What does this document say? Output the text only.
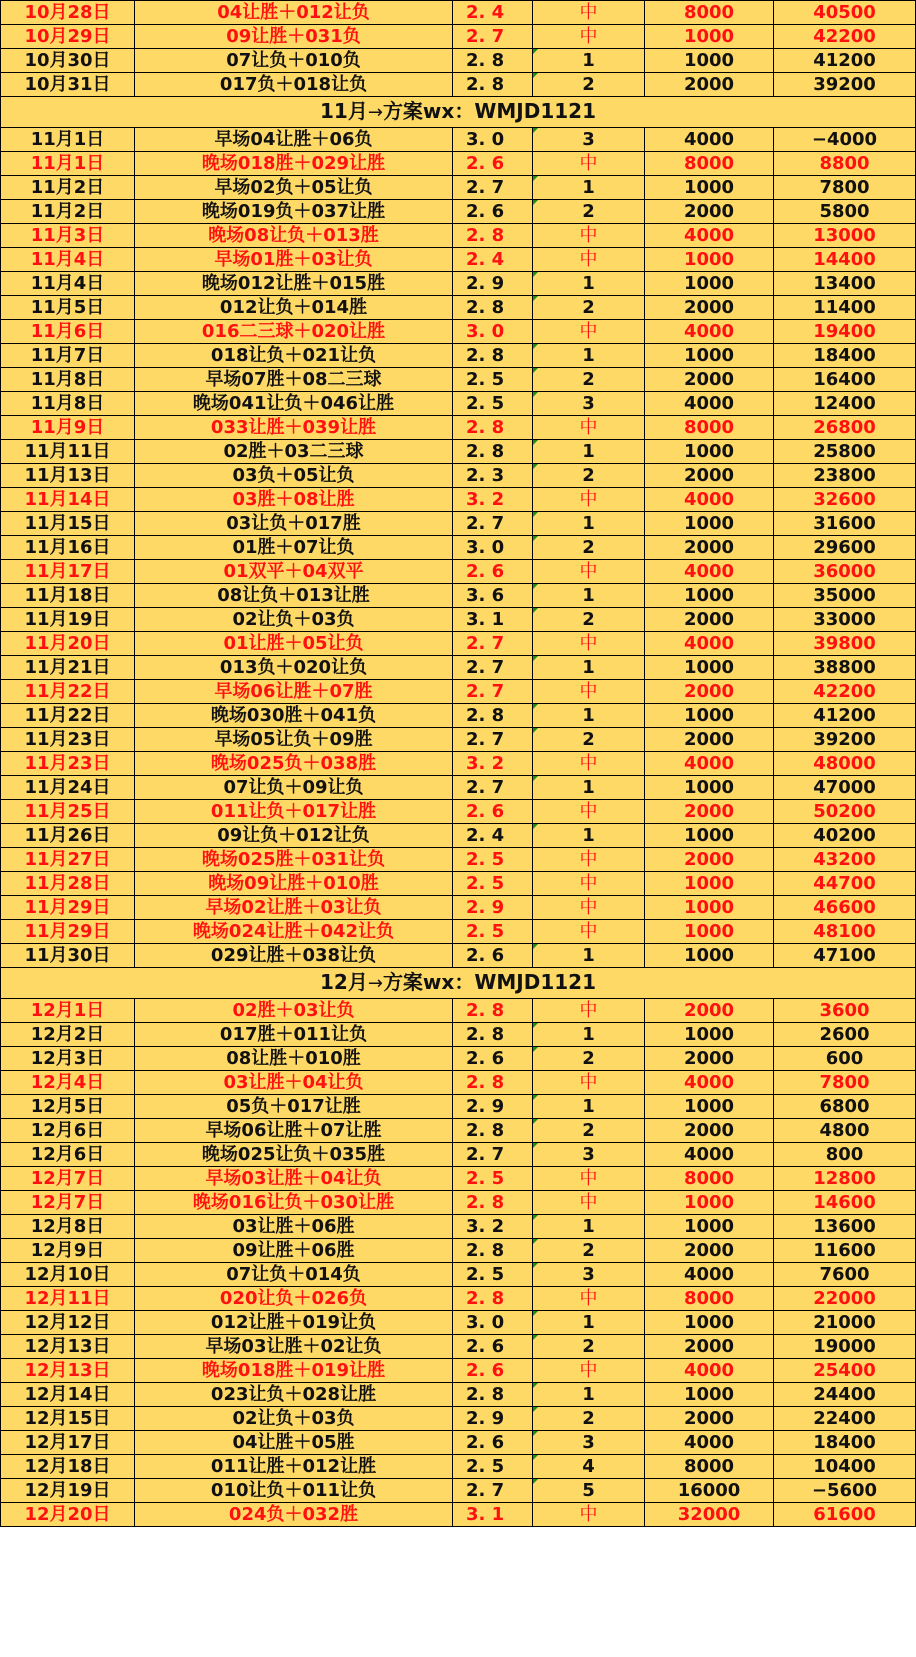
10月28日	04让胜＋012让负	2. 4	中	8000	40500
10月29日	09让胜＋031负	2. 7	中	1000	42200
10月30日	07让负＋010负	2. 8	1	1000	41200
10月31日	017负＋018让负	2. 8	2	2000	39200
11月→方案wx：WMJD1121					
11月1日	早场04让胜＋06负	3. 0	3	4000	−4000
11月1日	晚场018胜＋029让胜	2. 6	中	8000	8800
11月2日	早场02负＋05让负	2. 7	1	1000	7800
11月2日	晚场019负＋037让胜	2. 6	2	2000	5800
11月3日	晚场08让负＋013胜	2. 8	中	4000	13000
11月4日	早场01胜＋03让负	2. 4	中	1000	14400
11月4日	晚场012让胜＋015胜	2. 9	1	1000	13400
11月5日	012让负＋014胜	2. 8	2	2000	11400
11月6日	016二三球＋020让胜	3. 0	中	4000	19400
11月7日	018让负＋021让负	2. 8	1	1000	18400
11月8日	早场07胜＋08二三球	2. 5	2	2000	16400
11月8日	晚场041让负＋046让胜	2. 5	3	4000	12400
11月9日	033让胜＋039让胜	2. 8	中	8000	26800
11月11日	02胜＋03二三球	2. 8	1	1000	25800
11月13日	03负＋05让负	2. 3	2	2000	23800
11月14日	03胜＋08让胜	3. 2	中	4000	32600
11月15日	03让负＋017胜	2. 7	1	1000	31600
11月16日	01胜＋07让负	3. 0	2	2000	29600
11月17日	01双平＋04双平	2. 6	中	4000	36000
11月18日	08让负＋013让胜	3. 6	1	1000	35000
11月19日	02让负＋03负	3. 1	2	2000	33000
11月20日	01让胜＋05让负	2. 7	中	4000	39800
11月21日	013负＋020让负	2. 7	1	1000	38800
11月22日	早场06让胜＋07胜	2. 7	中	2000	42200
11月22日	晚场030胜＋041负	2. 8	1	1000	41200
11月23日	早场05让负＋09胜	2. 7	2	2000	39200
11月23日	晚场025负＋038胜	3. 2	中	4000	48000
11月24日	07让负＋09让负	2. 7	1	1000	47000
11月25日	011让负＋017让胜	2. 6	中	2000	50200
11月26日	09让负＋012让负	2. 4	1	1000	40200
11月27日	晚场025胜＋031让负	2. 5	中	2000	43200
11月28日	晚场09让胜＋010胜	2. 5	中	1000	44700
11月29日	早场02让胜＋03让负	2. 9	中	1000	46600
11月29日	晚场024让胜＋042让负	2. 5	中	1000	48100
11月30日	029让胜＋038让负	2. 6	1	1000	47100
12月→方案wx：WMJD1121					
12月1日	02胜＋03让负	2. 8	中	2000	3600
12月2日	017胜＋011让负	2. 8	1	1000	2600
12月3日	08让胜＋010胜	2. 6	2	2000	600
12月4日	03让胜＋04让负	2. 8	中	4000	7800
12月5日	05负＋017让胜	2. 9	1	1000	6800
12月6日	早场06让胜＋07让胜	2. 8	2	2000	4800
12月6日	晚场025让负＋035胜	2. 7	3	4000	800
12月7日	早场03让胜＋04让负	2. 5	中	8000	12800
12月7日	晚场016让负＋030让胜	2. 8	中	1000	14600
12月8日	03让胜＋06胜	3. 2	1	1000	13600
12月9日	09让胜＋06胜	2. 8	2	2000	11600
12月10日	07让负＋014负	2. 5	3	4000	7600
12月11日	020让负＋026负	2. 8	中	8000	22000
12月12日	012让胜＋019让负	3. 0	1	1000	21000
12月13日	早场03让胜＋02让负	2. 6	2	2000	19000
12月13日	晚场018胜＋019让胜	2. 6	中	4000	25400
12月14日	023让负＋028让胜	2. 8	1	1000	24400
12月15日	02让负＋03负	2. 9	2	2000	22400
12月17日	04让胜＋05胜	2. 6	3	4000	18400
12月18日	011让胜＋012让胜	2. 5	4	8000	10400
12月19日	010让负＋011让负	2. 7	5	16000	−5600
12月20日	024负＋032胜	3. 1	中	32000	61600
